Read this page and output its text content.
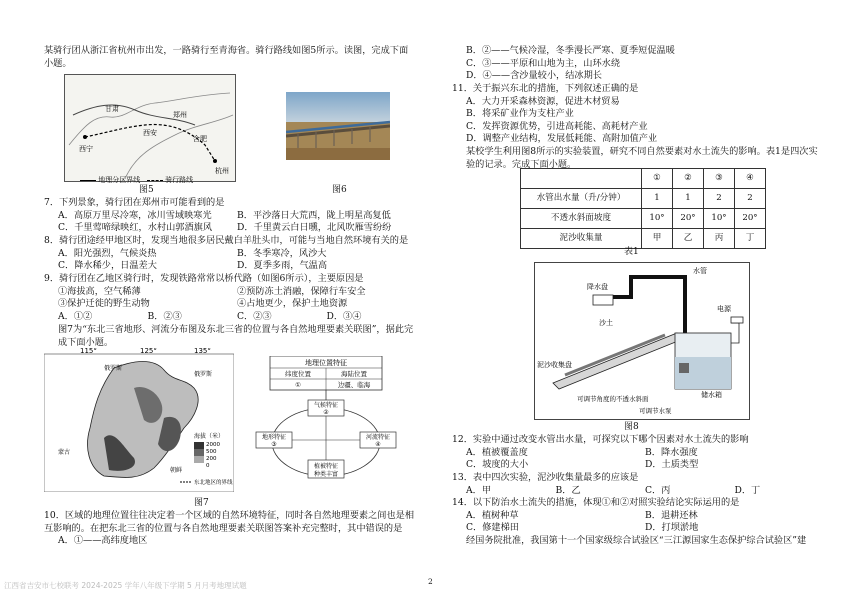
某骑行团从浙江省杭州市出发，一路骑行至青海省。骑行路线如图5所示。读图，完成下面小题。

西宁
甘肃
西安
郑州
合肥
杭州
地理分区界线	骑行路线
图5	图6

7．下列景象，骑行团在郑州市可能看到的是

A．高原万里尽冷寒，冰川雪域映寒光	B．平沙落日大荒西，陇上明星高复低
C．千里莺啼绿映红，水村山郭酒旗风	D．千里黄云白日曛，北风吹雁雪纷纷

8．骑行团途经甲地区时，发现当地很多居民戴白羊肚头巾，可能与当地自然环境有关的是

A．阳光强烈，气候炎热	B．冬季寒冷，风沙大
C．降水稀少，日温差大	D．夏季多雨，气温高

9．骑行团在乙地区骑行时，发现铁路常常以桥代路（如图6所示），主要原因是

①海拔高，空气稀薄	②预防冻土消融，保障行车安全
③保护迁徙的野生动物	④占地更少，保护土地资源
A．①②	B．②③	C．②③	D．③④

图7为“东北三省地形、河流分布图及东北三省的位置与各自然地理要素关联图”，据此完成下面小题。

115°	125°	135°
俄罗斯
俄罗斯
朝鲜
蒙古
海拔（米）
2000
500
200
0
东北地区的界线
地理位置特征
纬度位置	海陆位置
①	边疆、临海
气候特征
②
地形特征
③
河流特征
④
植被特征
种类丰富
图7

10．区域的地理位置往往决定着一个区域的自然环境特征，同时各自然地理要素之间也是相互影响的。在把东北三省的位置与各自然地理要素关联图答案补充完整时，其中错误的是

A．①——高纬度地区

B．②——气候冷湿，冬季漫长严寒、夏季短促温暖

C．③——平原和山地为主，山环水绕

D．④——含沙量较小，结冰期长

11．关于振兴东北的措施，下列叙述正确的是

A．大力开采森林资源，促进木材贸易

B．将采矿业作为支柱产业

C．发挥资源优势，引进高耗能、高耗材产业

D．调整产业结构，发展低耗能、高附加值产业

某校学生利用图8所示的实验装置，研究不同自然要素对水土流失的影响。表1是四次实验的记录。完成下面小题。

	①	②	③	④
水管出水量（升/分钟）	1	1	2	2
不透水斜面坡度	10°	20°	10°	20°
泥沙收集量	甲	乙	丙	丁
表1
降水盘
水管
电源
沙土
泥沙收集盘
可调节角度的不透水斜面
可调节水泵
储水箱
图8

12．实验中通过改变水管出水量，可探究以下哪个因素对水土流失的影响

A．植被覆盖度	B．降水强度
C．坡度的大小	D．土质类型

13．表中四次实验，泥沙收集量最多的应该是

A．甲	B．乙	C．丙	D．丁

14．以下防治水土流失的措施，体现①和②对照实验结论实际运用的是

A．植树种草	B．退耕还林
C．修建梯田	D．打坝淤地

经国务院批准，我国第十一个国家级综合试验区“三江源国家生态保护综合试验区”建

2
江西省吉安市七校联考 2024-2025 学年八年级下学期 5 月月考地理试题
